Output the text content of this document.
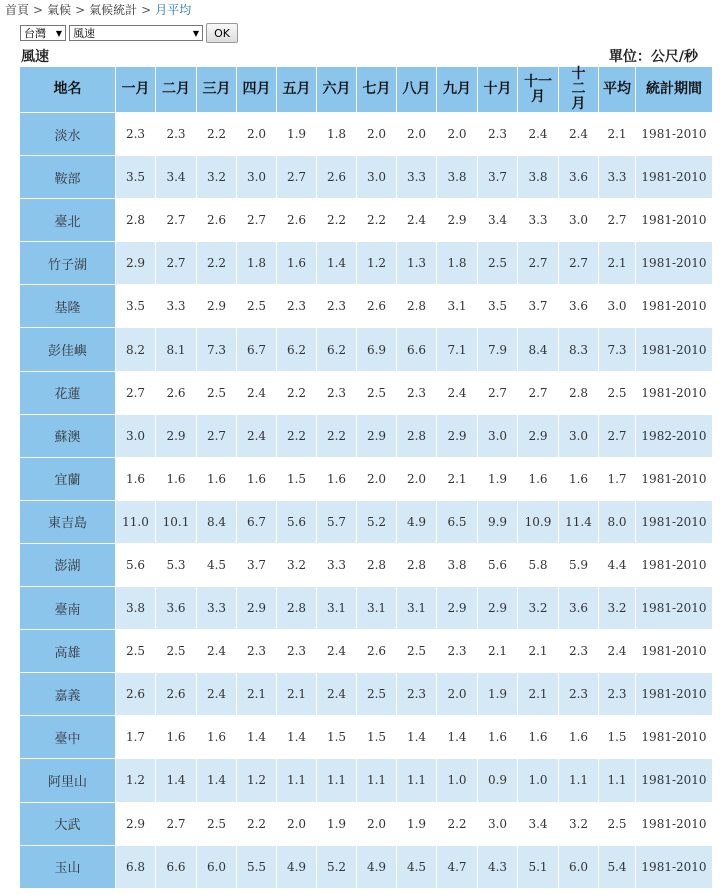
首頁 > 氣候 > 氣候統計 > 月平均
台灣 ▼ 風速	▼	OK
風速	單位：公尺/秒
地名	一月	二月	三月	四月	五月	六月	七月	八月	九月	十月	十一月	十二月	平均	統計期間
淡水	2.3	2.3	2.2	2.0	1.9	1.8	2.0	2.0	2.0	2.3	2.4	2.4	2.1	1981-2010
鞍部	3.5	3.4	3.2	3.0	2.7	2.6	3.0	3.3	3.8	3.7	3.8	3.6	3.3	1981-2010
臺北	2.8	2.7	2.6	2.7	2.6	2.2	2.2	2.4	2.9	3.4	3.3	3.0	2.7	1981-2010
竹子湖	2.9	2.7	2.2	1.8	1.6	1.4	1.2	1.3	1.8	2.5	2.7	2.7	2.1	1981-2010
基隆	3.5	3.3	2.9	2.5	2.3	2.3	2.6	2.8	3.1	3.5	3.7	3.6	3.0	1981-2010
彭佳嶼	8.2	8.1	7.3	6.7	6.2	6.2	6.9	6.6	7.1	7.9	8.4	8.3	7.3	1981-2010
花蓮	2.7	2.6	2.5	2.4	2.2	2.3	2.5	2.3	2.4	2.7	2.7	2.8	2.5	1981-2010
蘇澳	3.0	2.9	2.7	2.4	2.2	2.2	2.9	2.8	2.9	3.0	2.9	3.0	2.7	1982-2010
宜蘭	1.6	1.6	1.6	1.6	1.5	1.6	2.0	2.0	2.1	1.9	1.6	1.6	1.7	1981-2010
東吉島	11.0	10.1	8.4	6.7	5.6	5.7	5.2	4.9	6.5	9.9	10.9	11.4	8.0	1981-2010
澎湖	5.6	5.3	4.5	3.7	3.2	3.3	2.8	2.8	3.8	5.6	5.8	5.9	4.4	1981-2010
臺南	3.8	3.6	3.3	2.9	2.8	3.1	3.1	3.1	2.9	2.9	3.2	3.6	3.2	1981-2010
高雄	2.5	2.5	2.4	2.3	2.3	2.4	2.6	2.5	2.3	2.1	2.1	2.3	2.4	1981-2010
嘉義	2.6	2.6	2.4	2.1	2.1	2.4	2.5	2.3	2.0	1.9	2.1	2.3	2.3	1981-2010
臺中	1.7	1.6	1.6	1.4	1.4	1.5	1.5	1.4	1.4	1.6	1.6	1.6	1.5	1981-2010
阿里山	1.2	1.4	1.4	1.2	1.1	1.1	1.1	1.1	1.0	0.9	1.0	1.1	1.1	1981-2010
大武	2.9	2.7	2.5	2.2	2.0	1.9	2.0	1.9	2.2	3.0	3.4	3.2	2.5	1981-2010
玉山	6.8	6.6	6.0	5.5	4.9	5.2	4.9	4.5	4.7	4.3	5.1	6.0	5.4	1981-2010
